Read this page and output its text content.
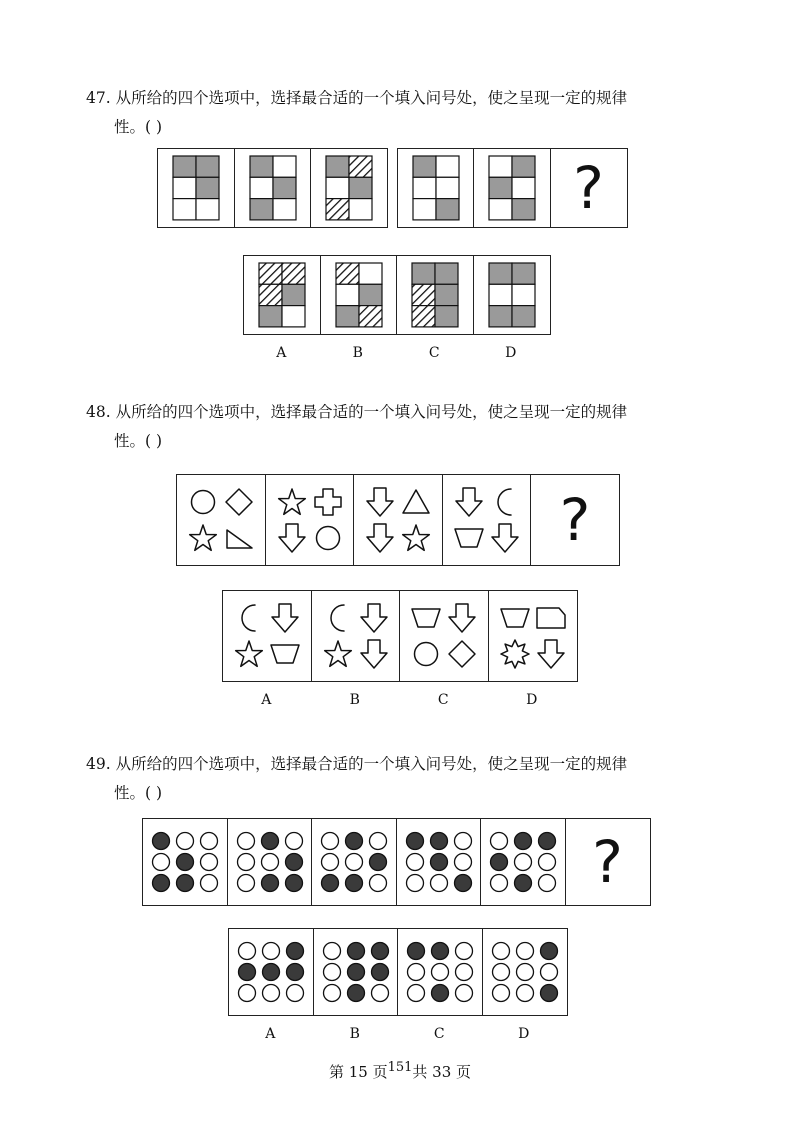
47. 从所给的四个选项中，选择最合适的一个填入问号处，使之呈现一定的规律
性。( )
?
A	B	C	D
48. 从所给的四个选项中，选择最合适的一个填入问号处，使之呈现一定的规律
性。( )
?
A	B	C	D
49. 从所给的四个选项中，选择最合适的一个填入问号处，使之呈现一定的规律
性。( )
?
A	B	C	D
第 15 页$^{151}$共 33 页
